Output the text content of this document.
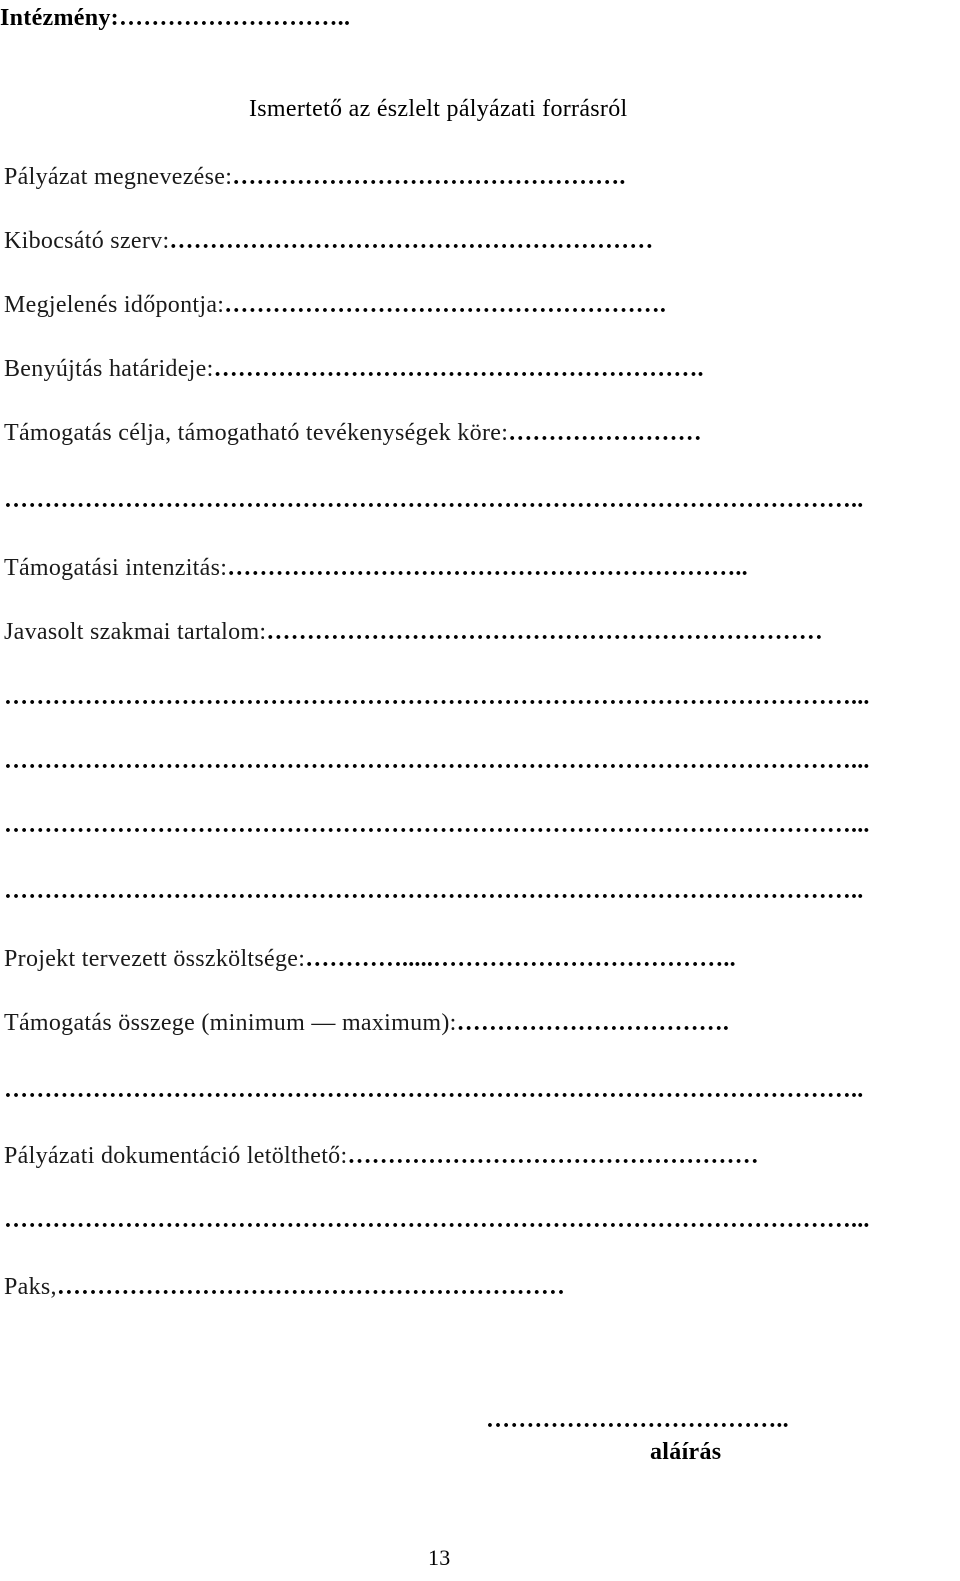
Intézmény:………………………..
Ismertető az észlelt pályázati forrásról
Pályázat megnevezése:………………………………………….
Kibocsátó szerv:……………………………………………………
Megjelenés időpontja:……………………………………………….
Benyújtás határideje:…………………………………………………….
Támogatás célja, támogatható tevékenységek köre:……………………
……………………………………………………………………………………………..
Támogatási intenzitás:………………………………………………………..
Javasolt szakmai tartalom:……………………………………………………………
……………………………………………………………………………………………...
……………………………………………………………………………………………...
……………………………………………………………………………………………...
……………………………………………………………………………………………..
Projekt tervezett összköltsége:………….....………………………………..
Támogatás összege (minimum — maximum):…………………………….
……………………………………………………………………………………………..
Pályázati dokumentáció letölthető:……………………………………………
……………………………………………………………………………………………...
Paks,………………………………………………………
………………………………..
aláírás
13
